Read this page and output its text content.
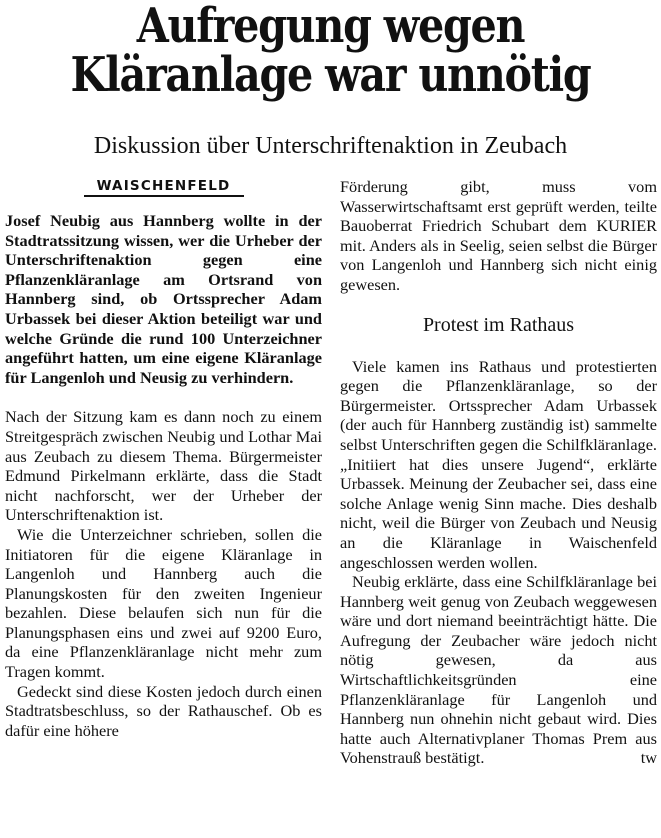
Aufregung wegen
Kläranlage war unnötig
Diskussion über Unterschriftenaktion in Zeubach
WAISCHENFELD

Josef Neubig aus Hannberg wollte in der Stadtratssitzung wissen, wer die Urheber der Unterschriftenaktion gegen eine Pflanzenkläranlage am Ortsrand von Hannberg sind, ob Ortssprecher Adam Urbassek bei dieser Aktion beteiligt war und welche Gründe die rund 100 Unterzeichner angeführt hatten, um eine eigene Kläranlage für Langenloh und Neusig zu verhindern.

Nach der Sitzung kam es dann noch zu einem Streitgespräch zwischen Neubig und Lothar Mai aus Zeubach zu diesem Thema. Bürgermeister Edmund Pirkelmann erklärte, dass die Stadt nicht nachforscht, wer der Urheber der Unterschriftenaktion ist.

Wie die Unterzeichner schrieben, sollen die Initiatoren für die eigene Kläranlage in Langenloh und Hannberg auch die Planungskosten für den zweiten Ingenieur bezahlen. Diese belaufen sich nun für die Planungsphasen eins und zwei auf 9200 Euro, da eine Pflanzenkläranlage nicht mehr zum Tragen kommt.

Gedeckt sind diese Kosten jedoch durch einen Stadtratsbeschluss, so der Rathauschef. Ob es dafür eine höhere

Förderung gibt, muss vom Wasserwirtschaftsamt erst geprüft werden, teilte Bauoberrat Friedrich Schubart dem KURIER mit. Anders als in Seelig, seien selbst die Bürger von Langenloh und Hannberg sich nicht einig gewesen.

Protest im Rathaus

Viele kamen ins Rathaus und protestierten gegen die Pflanzenkläranlage, so der Bürgermeister. Ortssprecher Adam Urbassek (der auch für Hannberg zuständig ist) sammelte selbst Unterschriften gegen die Schilfkläranlage. „Initiiert hat dies unsere Jugend“, erklärte Urbassek. Meinung der Zeubacher sei, dass eine solche Anlage wenig Sinn mache. Dies deshalb nicht, weil die Bürger von Zeubach und Neusig an die Kläranlage in Waischenfeld angeschlossen werden wollen.

Neubig erklärte, dass eine Schilfkläranlage bei Hannberg weit genug von Zeubach weggewesen wäre und dort niemand beeinträchtigt hätte. Die Aufregung der Zeubacher wäre jedoch nicht nötig gewesen, da aus Wirtschaftlichkeitsgründen eine Pflanzenkläranlage für Langenloh und Hannberg nun ohnehin nicht gebaut wird. Dies hatte auch Alternativplaner Thomas Prem aus Vohenstrauß bestätigt.	tw
